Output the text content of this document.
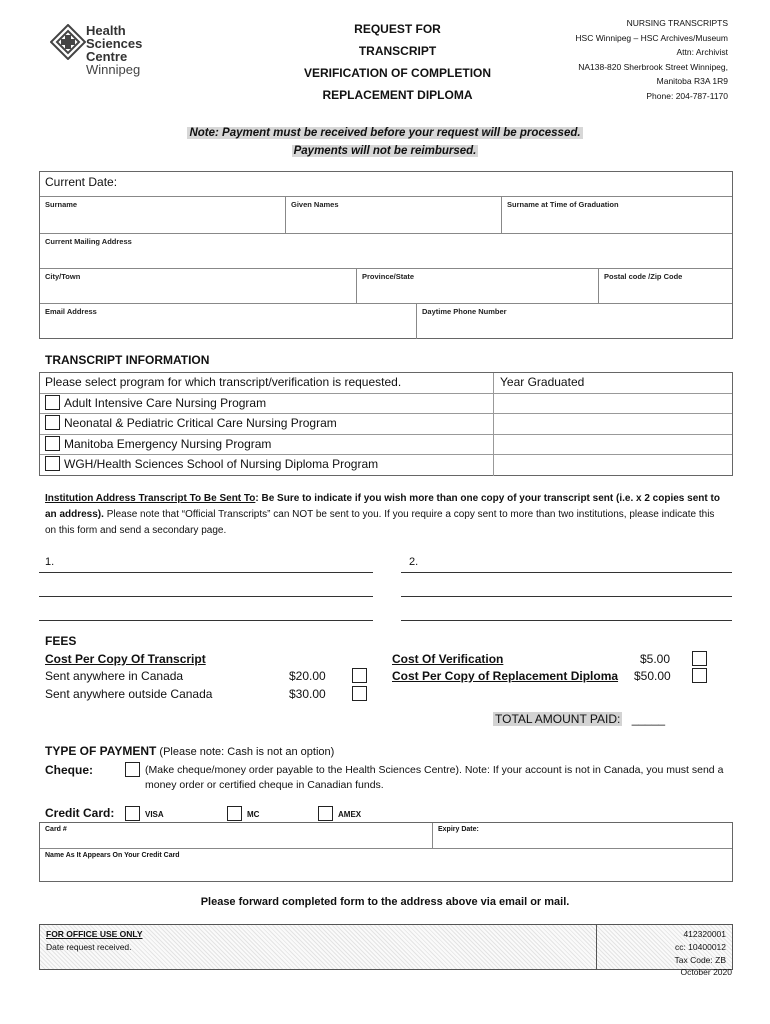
Health
Sciences
Centre
Winnipeg
REQUEST FOR
TRANSCRIPT
VERIFICATION OF COMPLETION
REPLACEMENT DIPLOMA
NURSING TRANSCRIPTS
HSC Winnipeg – HSC Archives/Museum
Attn: Archivist
NA138-820 Sherbrook Street Winnipeg,
Manitoba R3A 1R9
Phone: 204-787-1170
Note: Payment must be received before your request will be processed.
Payments will not be reimbursed.
Current Date:
Surname	Given Names	Surname at Time of Graduation
Current Mailing Address
City/Town	Province/State	Postal code /Zip Code
Email Address	Daytime Phone Number
TRANSCRIPT INFORMATION
Please select program for which transcript/verification is requested.	Year Graduated
Adult Intensive Care Nursing Program
Neonatal & Pediatric Critical Care Nursing Program
Manitoba Emergency Nursing Program
WGH/Health Sciences School of Nursing Diploma Program
Institution Address Transcript To Be Sent To: Be Sure to indicate if you wish more than one copy of your transcript sent (i.e. x 2 copies sent to an address). Please note that “Official Transcripts” can NOT be sent to you. If you require a copy sent to more than two institutions, please indicate this on this form and send a secondary page.
1.	2.
FEES
Cost Per Copy Of Transcript
Sent anywhere in Canada	$20.00
Sent anywhere outside Canada	$30.00
Cost Of Verification	$5.00
Cost Per Copy of Replacement Diploma $50.00
TOTAL AMOUNT PAID: _____
TYPE OF PAYMENT (Please note: Cash is not an option)
Cheque:	(Make cheque/money order payable to the Health Sciences Centre). Note: If your account is not in Canada, you must send a money order or certified cheque in Canadian funds.
Credit Card:	VISA	MC	AMEX
Card #	Expiry Date:
Name As It Appears On Your Credit Card
Please forward completed form to the address above via email or mail.
FOR OFFICE USE ONLY
Date request received.
412320001
cc: 10400012
Tax Code: ZB
October 2020
